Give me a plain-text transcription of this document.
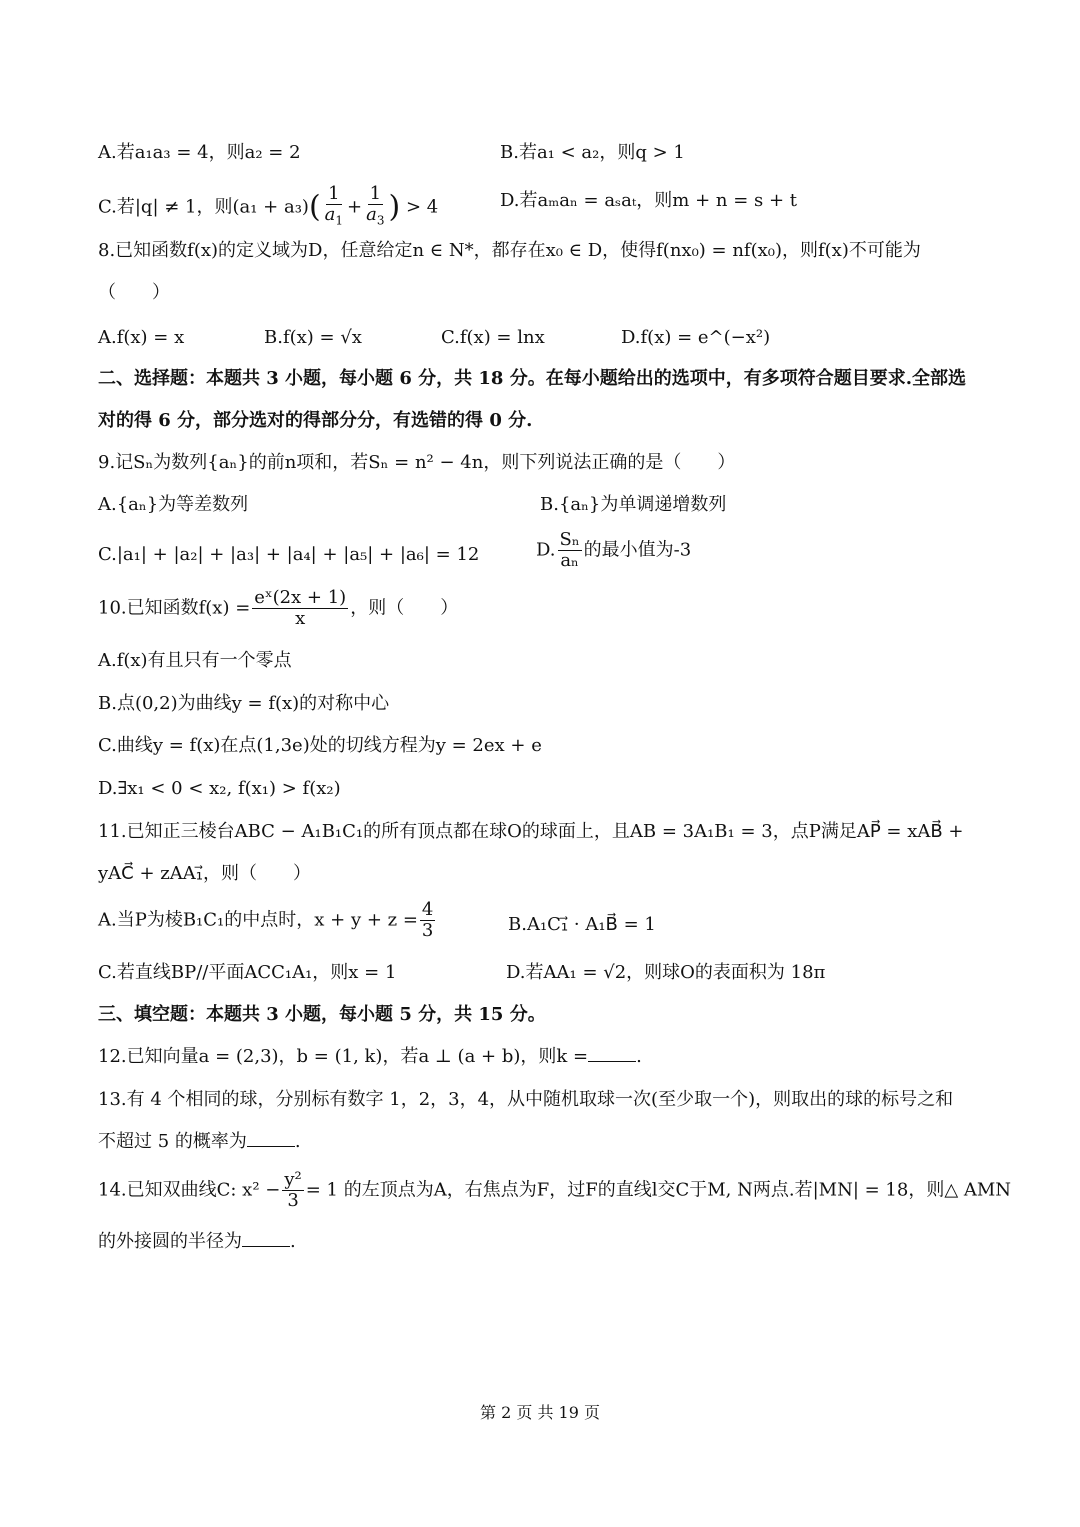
A.若a₁a₃ = 4，则a₂ = 2	B.若a₁ < a₂，则q > 1
C.若|q| ≠ 1，则$(a_1 + a_3)( \frac{1}{a_1} + \frac{1}{a_3}$ ) > 4	D.若aₘaₙ = aₛaₜ，则m + n = s + t
8.已知函数f(x)的定义域为D，任意给定n ∈ N*，都存在x₀ ∈ D，使得f(nx₀) = nf(x₀)，则f(x)不可能为
（　　）
A.f(x) = x	B.f(x) = √x	C.f(x) = lnx	D.f(x) = e^(−x²)
二、选择题：本题共 3 小题，每小题 6 分，共 18 分。在每小题给出的选项中，有多项符合题目要求.全部选
对的得 6 分，部分选对的得部分分，有选错的得 0 分.
9.记Sₙ为数列{aₙ}的前n项和，若Sₙ = n² − 4n，则下列说法正确的是（　　）
A.{aₙ}为等差数列	B.{aₙ}为单调递增数列
C.|a₁| + |a₂| + |a₃| + |a₄| + |a₅| + |a₆| = 12	D. $\frac{\text{Sₙ}}{\text{aₙ}}$ 的最小值为-3
10.已知函数$f(x) = \frac{\text{eˣ(2x + 1)}}{x}$ ，则（　　）
A.f(x)有且只有一个零点
B.点(0,2)为曲线y = f(x)的对称中心
C.曲线y = f(x)在点(1,3e)处的切线方程为y = 2ex + e
D.∃x₁ < 0 < x₂, f(x₁) > f(x₂)
11.已知正三棱台ABC − A₁B₁C₁的所有顶点都在球O的球面上，且AB = 3A₁B₁ = 3，点P满足AP⃗ = xAB⃗ +
yAC⃗ + zAA₁⃗，则（　　）
A.当P为棱B₁C₁的中点时，$x + y + z = \frac{4}{3}$	B.A₁C₁⃗ · A₁B⃗ = 1
C.若直线BP//平面ACC₁A₁，则x = 1	D.若AA₁ = √2，则球O的表面积为 18π
三、填空题：本题共 3 小题，每小题 5 分，共 15 分。
12.已知向量a = (2,3)，b = (1, k)，若a ⊥ (a + b)，则k =	.
13.有 4 个相同的球，分别标有数字 1，2，3，4，从中随机取球一次(至少取一个)，则取出的球的标号之和
不超过 5 的概率为	.
14.已知双曲线C: $x^2 - \frac{\text{y²}}{3} = 1$ 的左顶点为A，右焦点为F，过F的直线l交C于M, N两点.若|MN| = 18，则△ AMN
的外接圆的半径为	.
第 2 页 共 19 页
